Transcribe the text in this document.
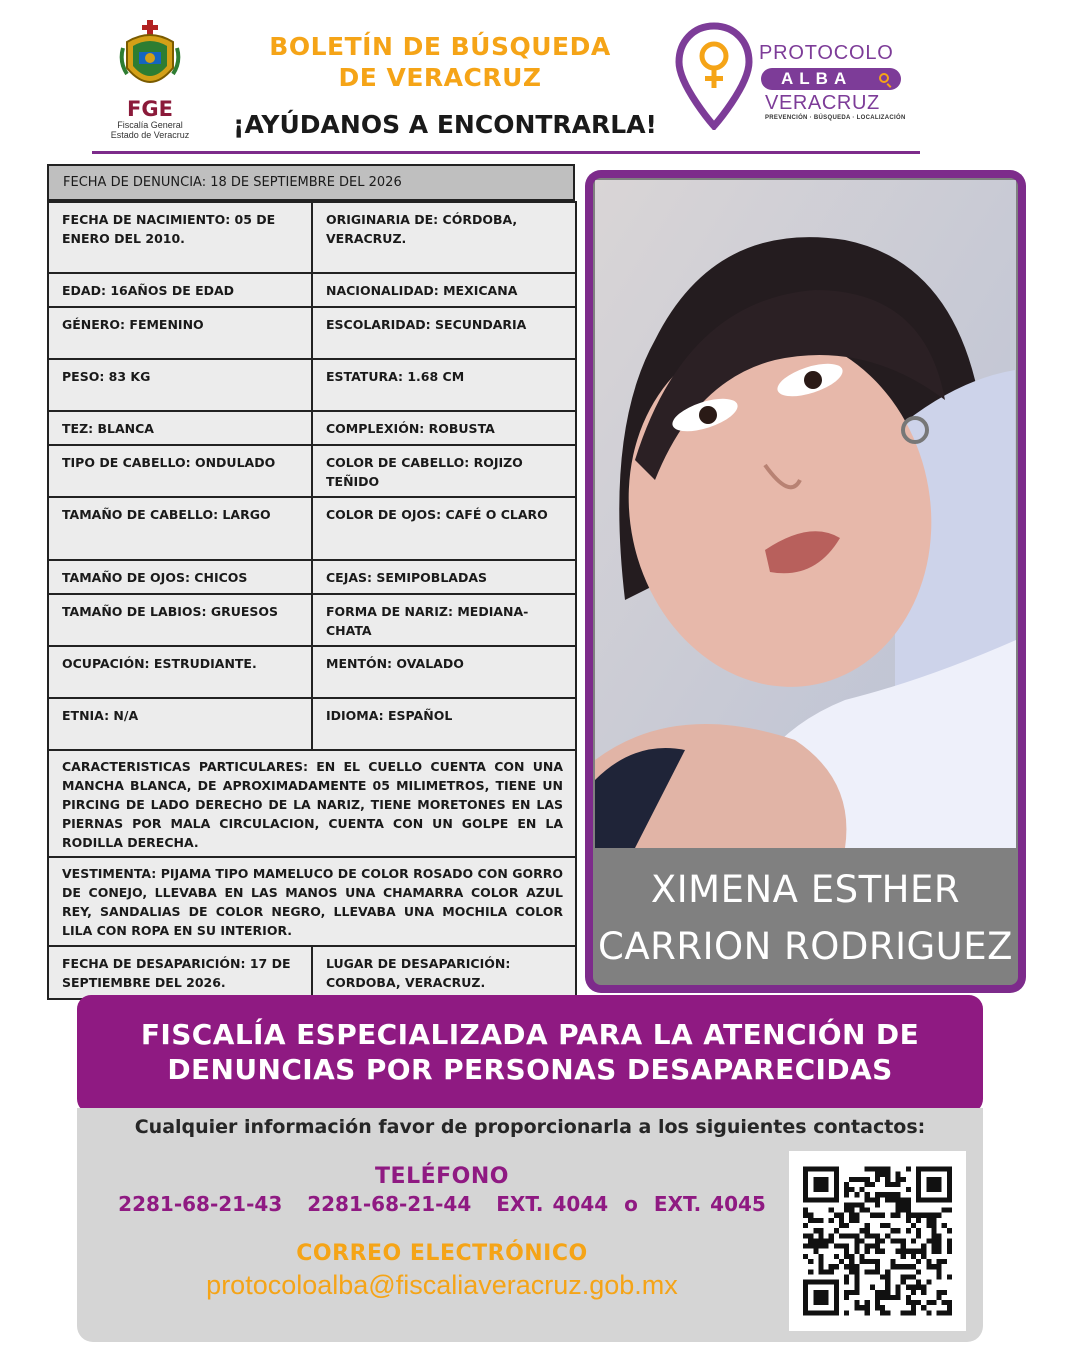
FGE
Fiscalía General
Estado de Veracruz
BOLETÍN DE BÚSQUEDA
DE VERACRUZ
¡AYÚDANOS A ENCONTRARLA!
PROTOCOLO
ALBA
VERACRUZ
PREVENCIÓN · BÚSQUEDA · LOCALIZACIÓN
FECHA DE DENUNCIA: 18 DE SEPTIEMBRE DEL 2026
FECHA DE NACIMIENTO: 05 DE ENERO DEL 2010.	ORIGINARIA DE: CÓRDOBA, VERACRUZ.
EDAD: 16AÑOS DE EDAD	NACIONALIDAD: MEXICANA
GÉNERO: FEMENINO	ESCOLARIDAD: SECUNDARIA
PESO: 83 KG	ESTATURA: 1.68 CM
TEZ: BLANCA	COMPLEXIÓN: ROBUSTA
TIPO DE CABELLO: ONDULADO	COLOR DE CABELLO: ROJIZO TEÑIDO
TAMAÑO DE CABELLO: LARGO	COLOR DE OJOS: CAFÉ O CLARO
TAMAÑO DE OJOS: CHICOS	CEJAS: SEMIPOBLADAS
TAMAÑO DE LABIOS: GRUESOS	FORMA DE NARIZ: MEDIANA-CHATA
OCUPACIÓN: ESTRUDIANTE.	MENTÓN: OVALADO
ETNIA: N/A	IDIOMA: ESPAÑOL
CARACTERISTICAS PARTICULARES: EN EL CUELLO CUENTA CON UNA MANCHA BLANCA, DE APROXIMADAMENTE 05 MILIMETROS, TIENE UN PIRCING DE LADO DERECHO DE LA NARIZ, TIENE MORETONES EN LAS PIERNAS POR MALA CIRCULACION, CUENTA CON UN GOLPE EN LA RODILLA DERECHA.	
VESTIMENTA: PIJAMA TIPO MAMELUCO DE COLOR ROSADO CON GORRO DE CONEJO, LLEVABA EN LAS MANOS UNA CHAMARRA COLOR AZUL REY, SANDALIAS DE COLOR NEGRO, LLEVABA UNA MOCHILA COLOR LILA CON ROPA EN SU INTERIOR.	
FECHA DE DESAPARICIÓN: 17 DE SEPTIEMBRE DEL 2026.	LUGAR DE DESAPARICIÓN: CORDOBA, VERACRUZ.
XIMENA ESTHER
CARRION RODRIGUEZ
FISCALÍA ESPECIALIZADA PARA LA ATENCIÓN DE
DENUNCIAS POR PERSONAS DESAPARECIDAS
Cualquier información favor de proporcionarla a los siguientes contactos:
TELÉFONO
2281-68-21-43 2281-68-21-44 EXT. 4044 o EXT. 4045
CORREO ELECTRÓNICO
protocoloalba@fiscaliaveracruz.gob.mx
